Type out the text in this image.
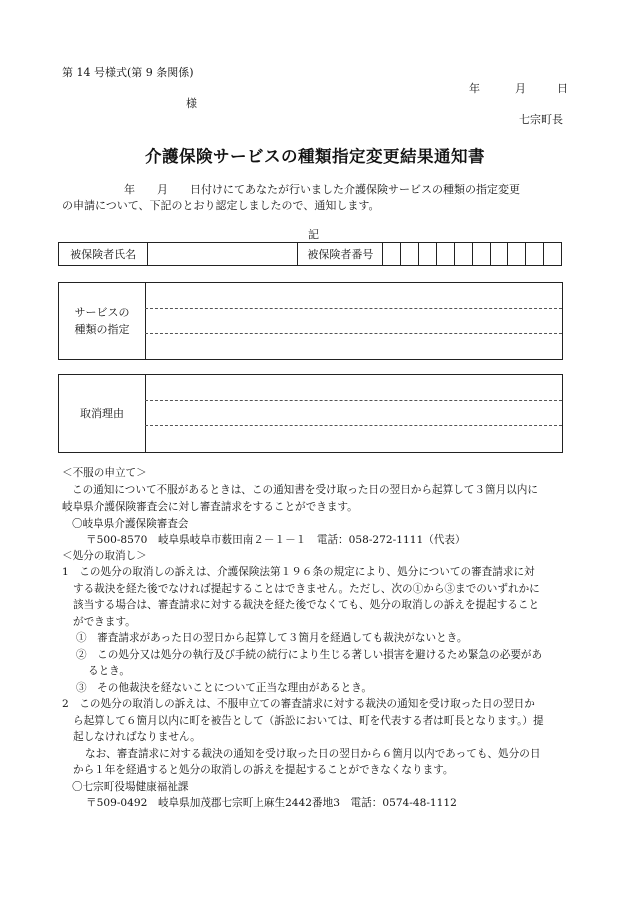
第 14 号様式(第 9 条関係)
年	月	日
様
七宗町長
介護保険サービスの種類指定変更結果通知書
年　　月　　日付けにてあなたが行いました介護保険サービスの種類の指定変更
の申請について、下記のとおり認定しましたので、通知します。
記
被保険者氏名		被保険者番号										
サービスの
種類の指定
取消理由
＜不服の申立て＞
この通知について不服があるときは、この通知書を受け取った日の翌日から起算して３箇月以内に
岐阜県介護保険審査会に対し審査請求をすることができます。
〇岐阜県介護保険審査会
〒500-8570　岐阜県岐阜市薮田南２－１－１　電話：058-272-1111（代表）
＜処分の取消し＞
1　この処分の取消しの訴えは、介護保険法第１９６条の規定により、処分についての審査請求に対
する裁決を経た後でなければ提起することはできません。ただし、次の①から③までのいずれかに
該当する場合は、審査請求に対する裁決を経た後でなくても、処分の取消しの訴えを提起すること
ができます。
①　審査請求があった日の翌日から起算して３箇月を経過しても裁決がないとき。
②　この処分又は処分の執行及び手続の続行により生じる著しい損害を避けるため緊急の必要があ
るとき。
③　その他裁決を経ないことについて正当な理由があるとき。
2　この処分の取消しの訴えは、不服申立ての審査請求に対する裁決の通知を受け取った日の翌日か
ら起算して６箇月以内に町を被告として（訴訟においては、町を代表する者は町長となります。）提
起しなければなりません。
なお、審査請求に対する裁決の通知を受け取った日の翌日から６箇月以内であっても、処分の日
から１年を経過すると処分の取消しの訴えを提起することができなくなります。
〇七宗町役場健康福祉課
〒509-0492　岐阜県加茂郡七宗町上麻生2442番地3　電話：0574-48-1112
